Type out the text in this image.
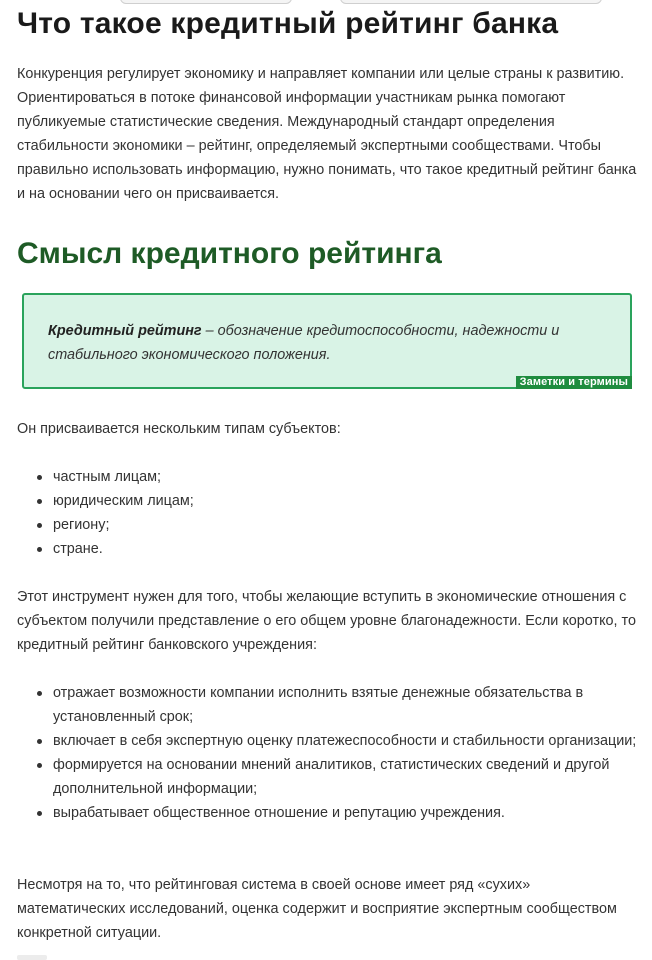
Что такое кредитный рейтинг банка

Конкуренция регулирует экономику и направляет компании или целые страны к развитию. Ориентироваться в потоке финансовой информации участникам рынка помогают публикуемые статистические сведения. Международный стандарт определения стабильности экономики – рейтинг, определяемый экспертными сообществами. Чтобы правильно использовать информацию, нужно понимать, что такое кредитный рейтинг банка и на основании чего он присваивается.

Смысл кредитного рейтинга

Кредитный рейтинг – обозначение кредитоспособности, надежности и стабильного экономического положения.

Заметки и термины

Он присваивается нескольким типам субъектов:

частным лицам;
юридическим лицам;
региону;
стране.

Этот инструмент нужен для того, чтобы желающие вступить в экономические отношения с субъектом получили представление о его общем уровне благонадежности. Если коротко, то кредитный рейтинг банковского учреждения:

отражает возможности компании исполнить взятые денежные обязательства в установленный срок;
включает в себя экспертную оценку платежеспособности и стабильности организации;
формируется на основании мнений аналитиков, статистических сведений и другой дополнительной информации;
вырабатывает общественное отношение и репутацию учреждения.

Несмотря на то, что рейтинговая система в своей основе имеет ряд «сухих» математических исследований, оценка содержит и восприятие экспертным сообществом конкретной ситуации.
